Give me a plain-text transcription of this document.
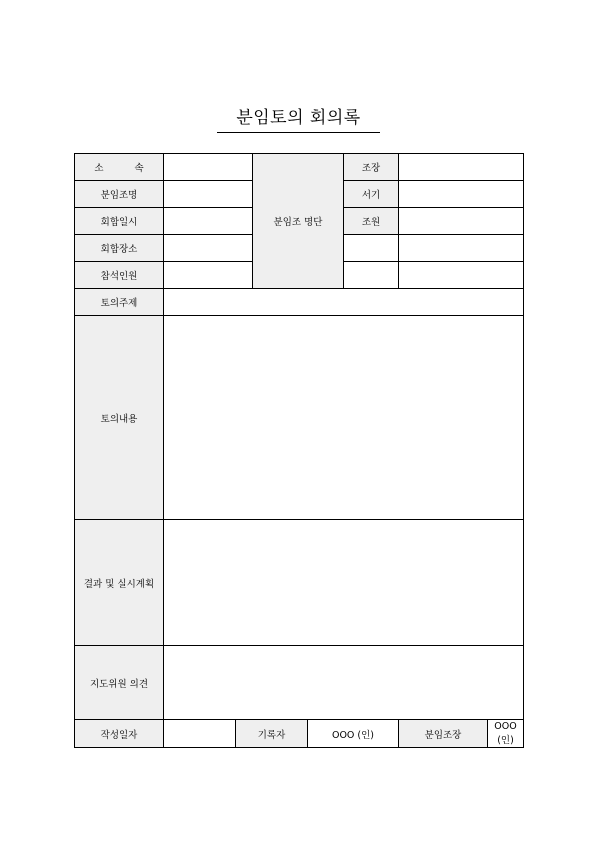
분임토의 회의록
소 속			분임조 명단		조장		
분임조명					서기		
회합일시					조원		
회합장소							
참석인원							
토의주제							
토의내용							
결과 및 실시계획							
지도위원 의견							
작성일자		기록자		OOO (인)		분임조장	OOO (인)
